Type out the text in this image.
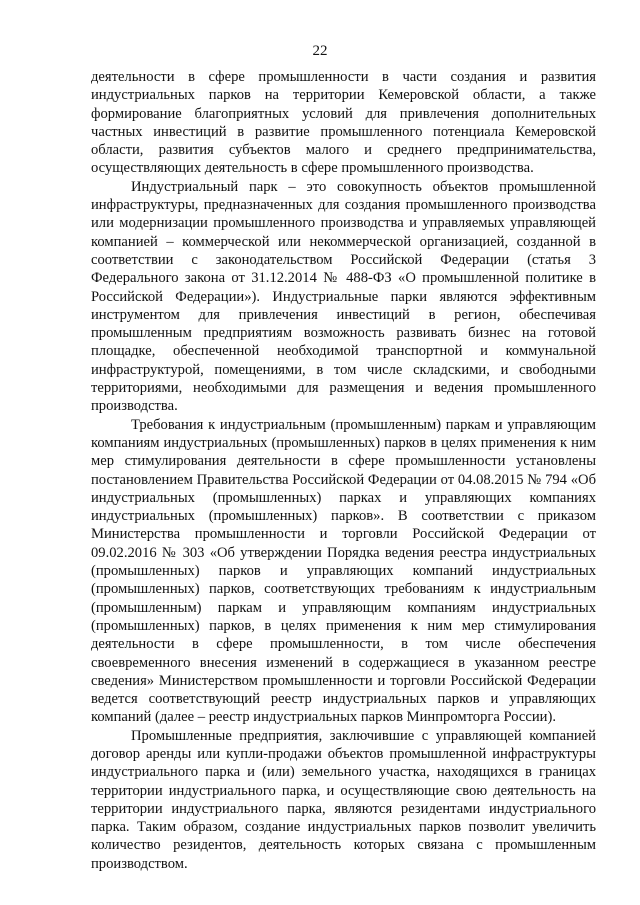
22

деятельности в сфере промышленности в части создания и развития индустриальных парков на территории Кемеровской области, а также формирование благоприятных условий для привлечения дополнительных частных инвестиций в развитие промышленного потенциала Кемеровской области, развития субъектов малого и среднего предпринимательства, осуществляющих деятельность в сфере промышленного производства.

Индустриальный парк – это совокупность объектов промышленной инфраструктуры, предназначенных для создания промышленного производства или модернизации промышленного производства и управляемых управляющей компанией – коммерческой или некоммерческой организацией, созданной в соответствии с законодательством Российской Федерации (статья 3 Федерального закона от 31.12.2014 № 488-ФЗ «О промышленной политике в Российской Федерации»). Индустриальные парки являются эффективным инструментом для привлечения инвестиций в регион, обеспечивая промышленным предприятиям возможность развивать бизнес на готовой площадке, обеспеченной необходимой транспортной и коммунальной инфраструктурой, помещениями, в том числе складскими, и свободными территориями, необходимыми для размещения и ведения промышленного производства.

Требования к индустриальным (промышленным) паркам и управляющим компаниям индустриальных (промышленных) парков в целях применения к ним мер стимулирования деятельности в сфере промышленности установлены постановлением Правительства Российской Федерации от 04.08.2015 № 794 «Об индустриальных (промышленных) парках и управляющих компаниях индустриальных (промышленных) парков». В соответствии с приказом Министерства промышленности и торговли Российской Федерации от 09.02.2016 № 303 «Об утверждении Порядка ведения реестра индустриальных (промышленных) парков и управляющих компаний индустриальных (промышленных) парков, соответствующих требованиям к индустриальным (промышленным) паркам и управляющим компаниям индустриальных (промышленных) парков, в целях применения к ним мер стимулирования деятельности в сфере промышленности, в том числе обеспечения своевременного внесения изменений в содержащиеся в указанном реестре сведения» Министерством промышленности и торговли Российской Федерации ведется соответствующий реестр индустриальных парков и управляющих компаний (далее – реестр индустриальных парков Минпромторга России).

Промышленные предприятия, заключившие с управляющей компанией договор аренды или купли-продажи объектов промышленной инфраструктуры индустриального парка и (или) земельного участка, находящихся в границах территории индустриального парка, и осуществляющие свою деятельность на территории индустриального парка, являются резидентами индустриального парка. Таким образом, создание индустриальных парков позволит увеличить количество резидентов, деятельность которых связана с промышленным производством.
